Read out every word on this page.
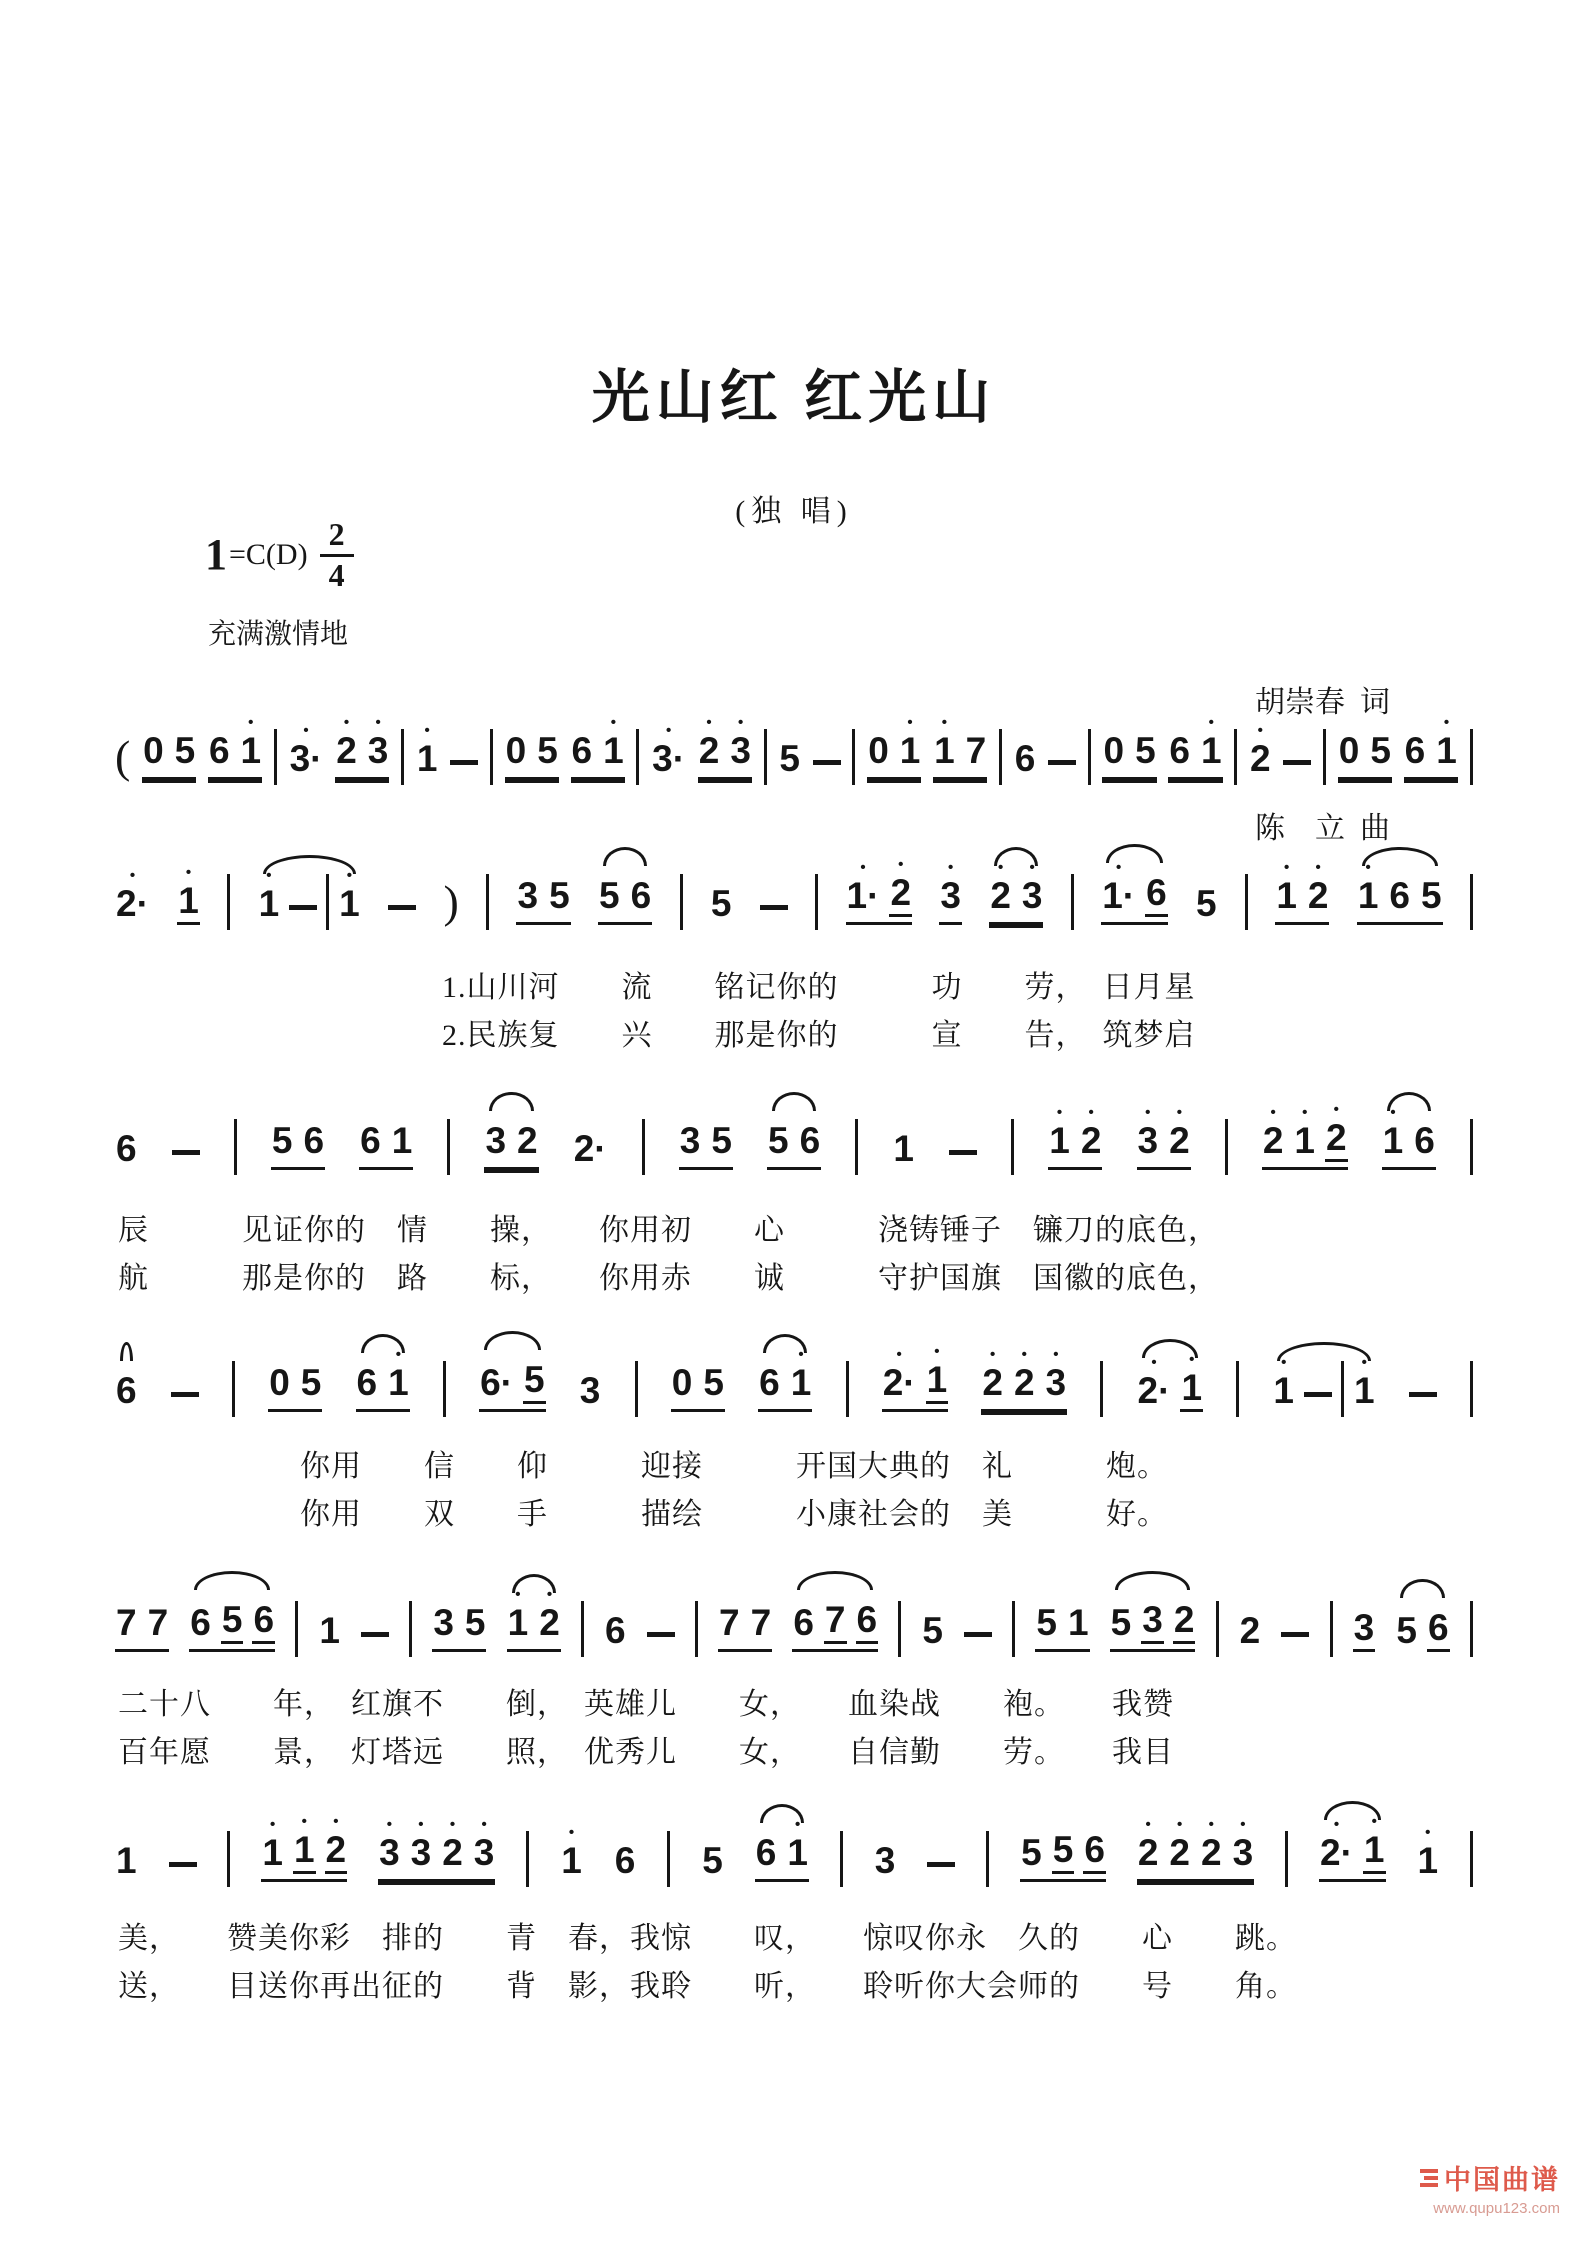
光山红 红光山
(独 唱)
$1 =C(D) \frac{2}{4}$
充满激情地

胡崇春  词

陈    立  曲

( 0 5 6
•
1	•
3·
•
2
•
3 •
1 0 5 6
•
1	•
3·
•
2
•
3 5 0
•
1
•
1 7 6 0 5 6
•
1 •
2 0 5 6
•
1
•
2·
•
1
•
1
•
1 ) 3 5 5 6 5
•
1·
•
2
•
3
•
2
•
3
•
1· 6 5
•
1
•
2
•
1 6 5
6	5 6 6 1 3 2 2· 3 5 5 6 1
•
1
•
2
•
3
•
2
•
2
•
1
•
2
•
1 6
6	0 5 6
•
1 6· 5 3 0 5 6
•
1
•
2·
•
1
•
2
•
2
•
3	•
2·
•
1
•
1
•
1
7 7 6 5 6 1	3 5
•
1
•
2 6	7 7 6 7 6 5	5 1 5 3 2 2	3 5 6
1
•
1
•
1
•
2
•
3
•
3
•
2
•
3	•
1 6 5 6
•
1 3	5 5 6
•
2
•
2
•
2
•
3
•
2·
•
1	•
1
1.山川河　　流　　铭记你的　　　功　　劳，　日月星
2.民族复　　兴　　那是你的　　　宣　　告，　筑梦启
辰　　　见证你的　情　　操，　　你用初　　心　　　浇铸锤子　镰刀的底色，
航　　　那是你的　路　　标，　　你用赤　　诚　　　守护国旗　国徽的底色，
你用　　信　　仰　　　迎接　　　开国大典的　礼　　　炮。
你用　　双　　手　　　描绘　　　小康社会的　美　　　好。
二十八　　年，　红旗不　　倒，　英雄儿　　女，　　血染战　　袍。　　我赞
百年愿　　景，　灯塔远　　照，　优秀儿　　女，　　自信勤　　劳。　　我目
美，　　赞美你彩　排的　　青　春，我惊　　叹，　　惊叹你永　久的　　心　　跳。
送，　　目送你再出征的　　背　影，我聆　　听，　　聆听你大会师的　　号　　角。
中国曲谱
www.qupu123.com
